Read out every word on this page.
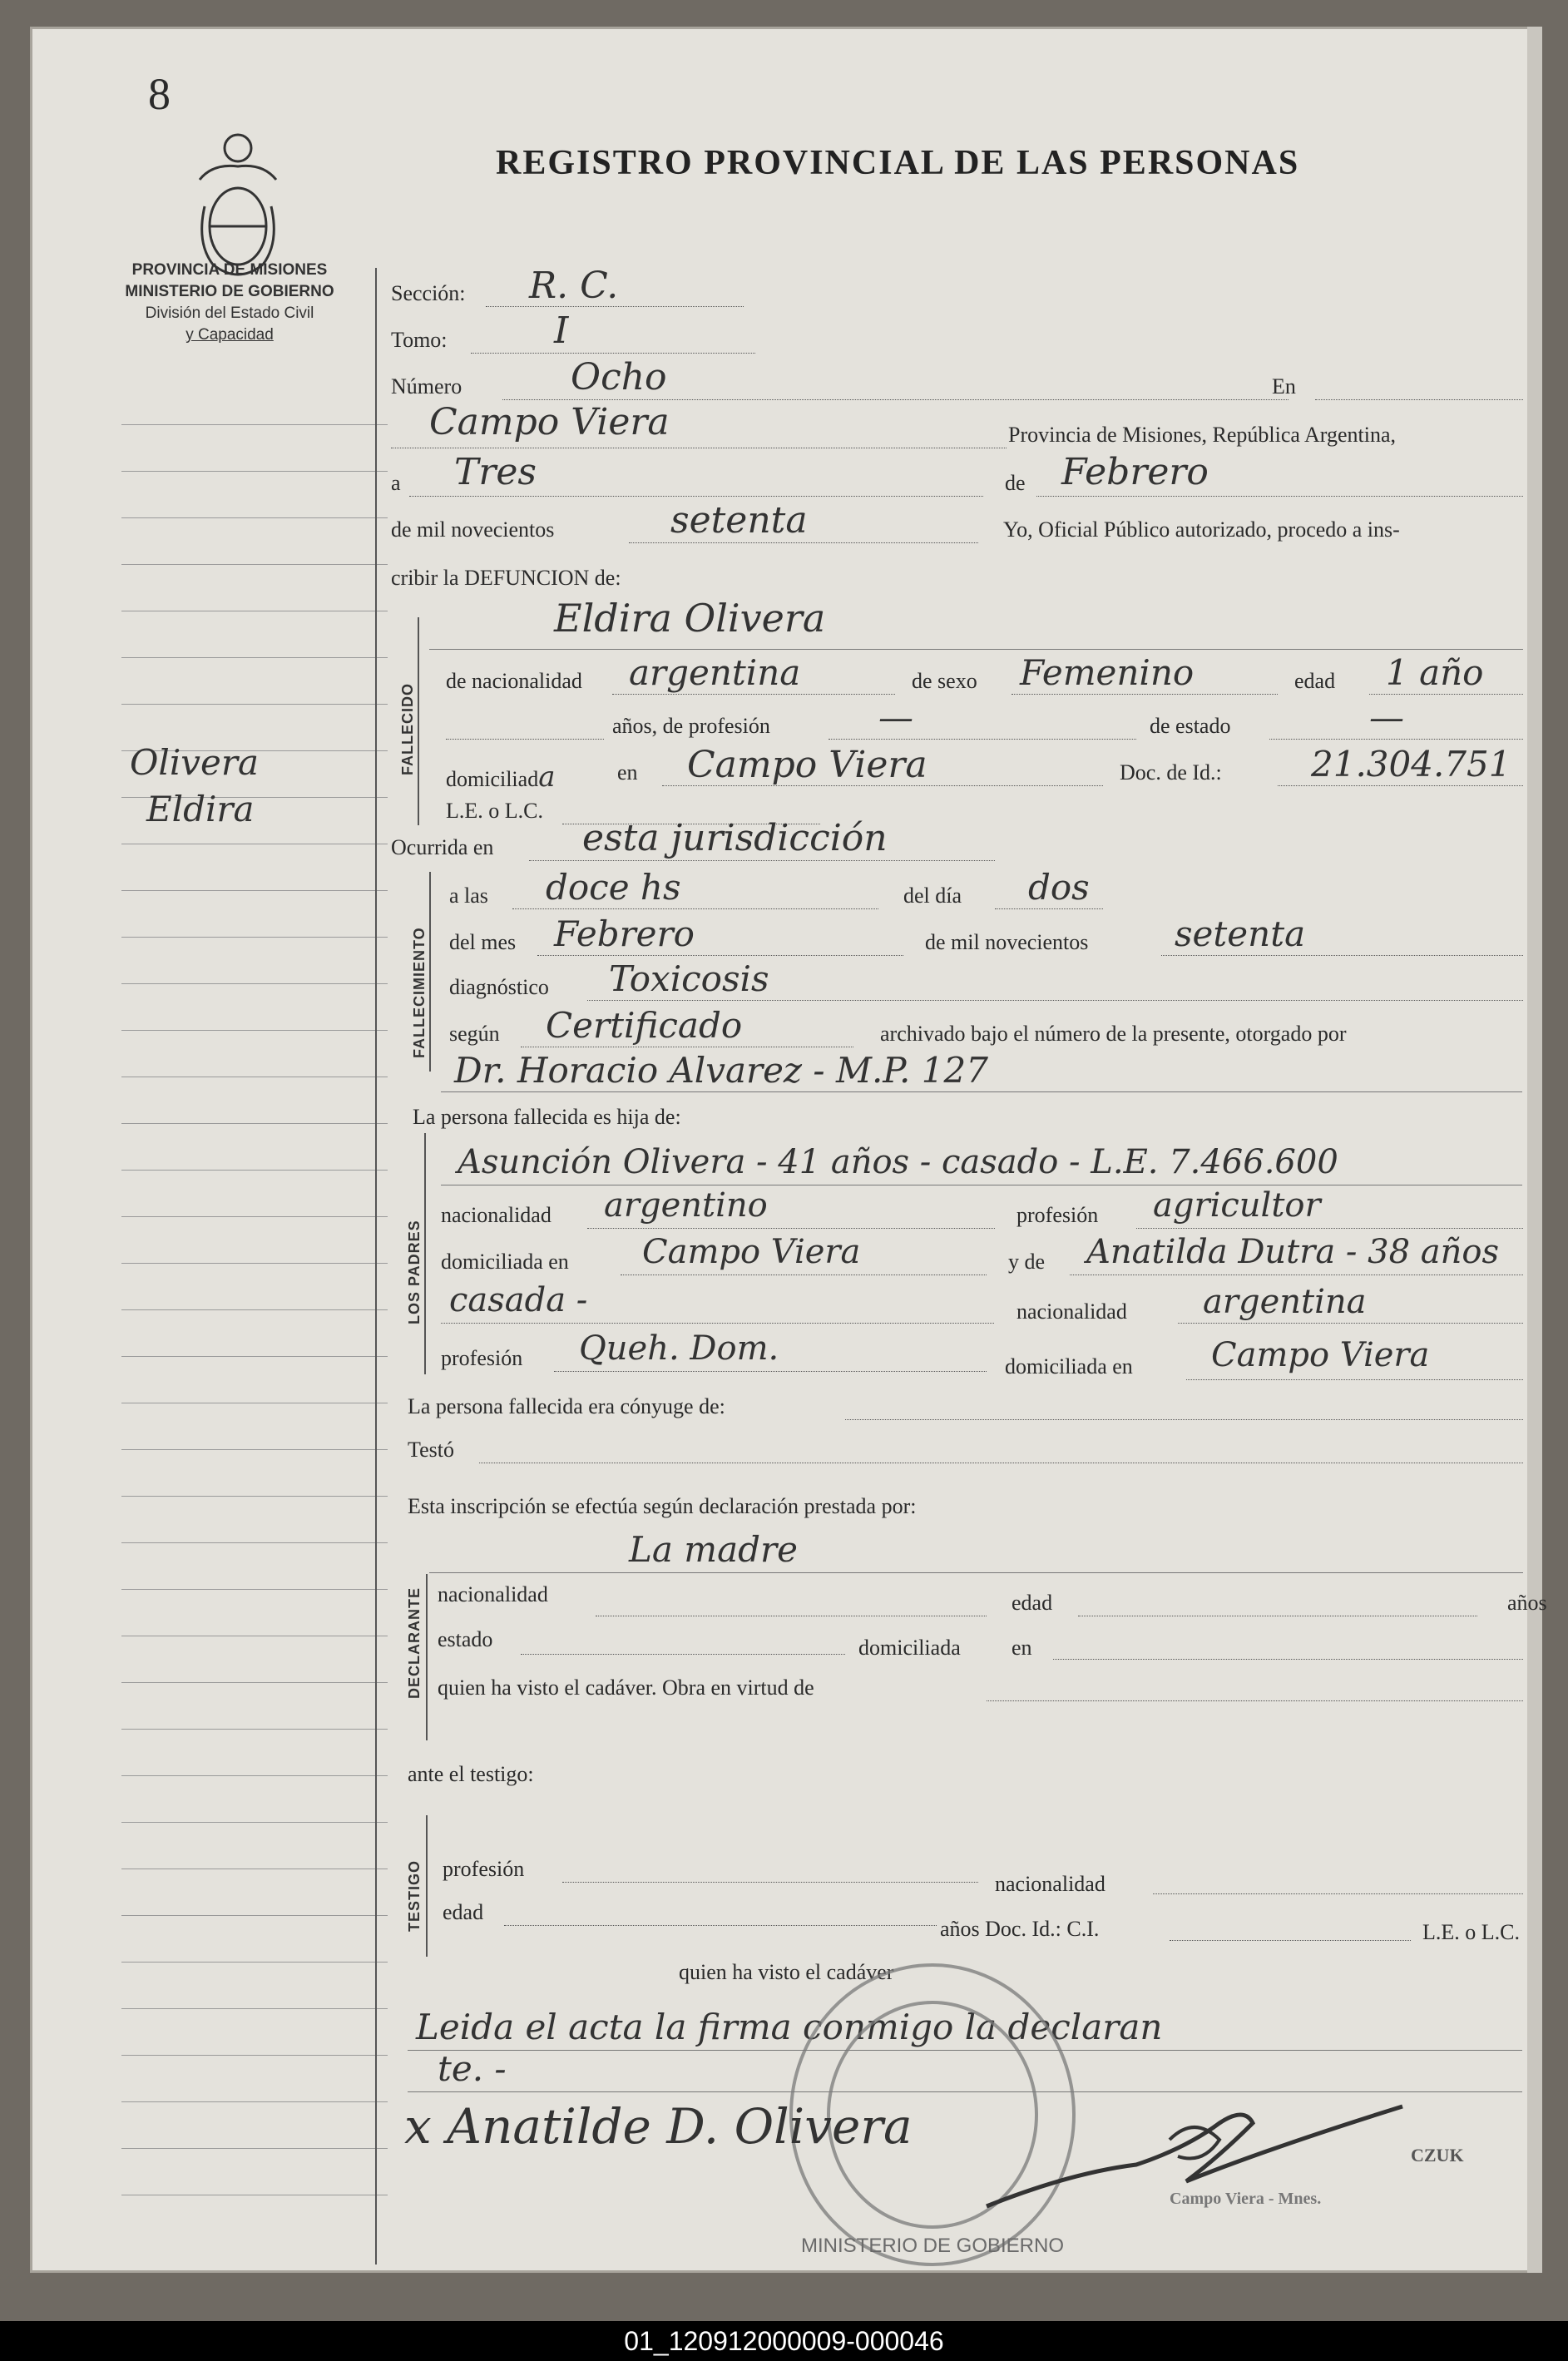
8
REGISTRO PROVINCIAL DE LAS PERSONAS
PROVINCIA DE MISIONES
MINISTERIO DE GOBIERNO
División del Estado Civil
y Capacidad
Olivera
Eldira
Sección: R. C.
Tomo:	I
Número	Ocho	En
Campo Viera	Provincia de Misiones, República Argentina,
a Tres	de Febrero
de mil novecientos	setenta	Yo, Oficial Público autorizado, procedo a ins-
cribir la DEFUNCION de:
FALLECIDO
Eldira Olivera
de nacionalidad argentina	de sexo Femenino	edad 1 año
años, de profesión	—	de estado	—
domiciliada	en Campo Viera	Doc. de Id.:	21.304.751
L.E. o L.C.
Ocurrida en esta jurisdicción
FALLECIMIENTO
a las doce hs	del día dos
del mes Febrero	de mil novecientos setenta
diagnóstico Toxicosis
según Certificado	archivado bajo el número de la presente, otorgado por
Dr. Horacio Alvarez - M.P. 127
La persona fallecida es hija de:
LOS PADRES
Asunción Olivera - 41 años - casado - L.E. 7.466.600
nacionalidad argentino	profesión agricultor
domiciliada en Campo Viera	y de Anatilda Dutra - 38 años
casada -	nacionalidad argentina
profesión Queh. Dom.	domiciliada en Campo Viera
La persona fallecida era cónyuge de:
Testó
Esta inscripción se efectúa según declaración prestada por:
La madre
DECLARANTE nacionalidad	edad	años
estado	domiciliada en
quien ha visto el cadáver. Obra en virtud de
ante el testigo:
TESTIGO profesión
nacionalidad
edad
años Doc. Id.: C.I.	L.E. o L.C.
quien ha visto el cadáver
Leida el acta la firma conmigo la declaran
te. -
MINISTERIO DE GOBIERNO
x Anatilde D. Olivera
CZUK
Campo Viera - Mnes.
01_120912000009-000046
